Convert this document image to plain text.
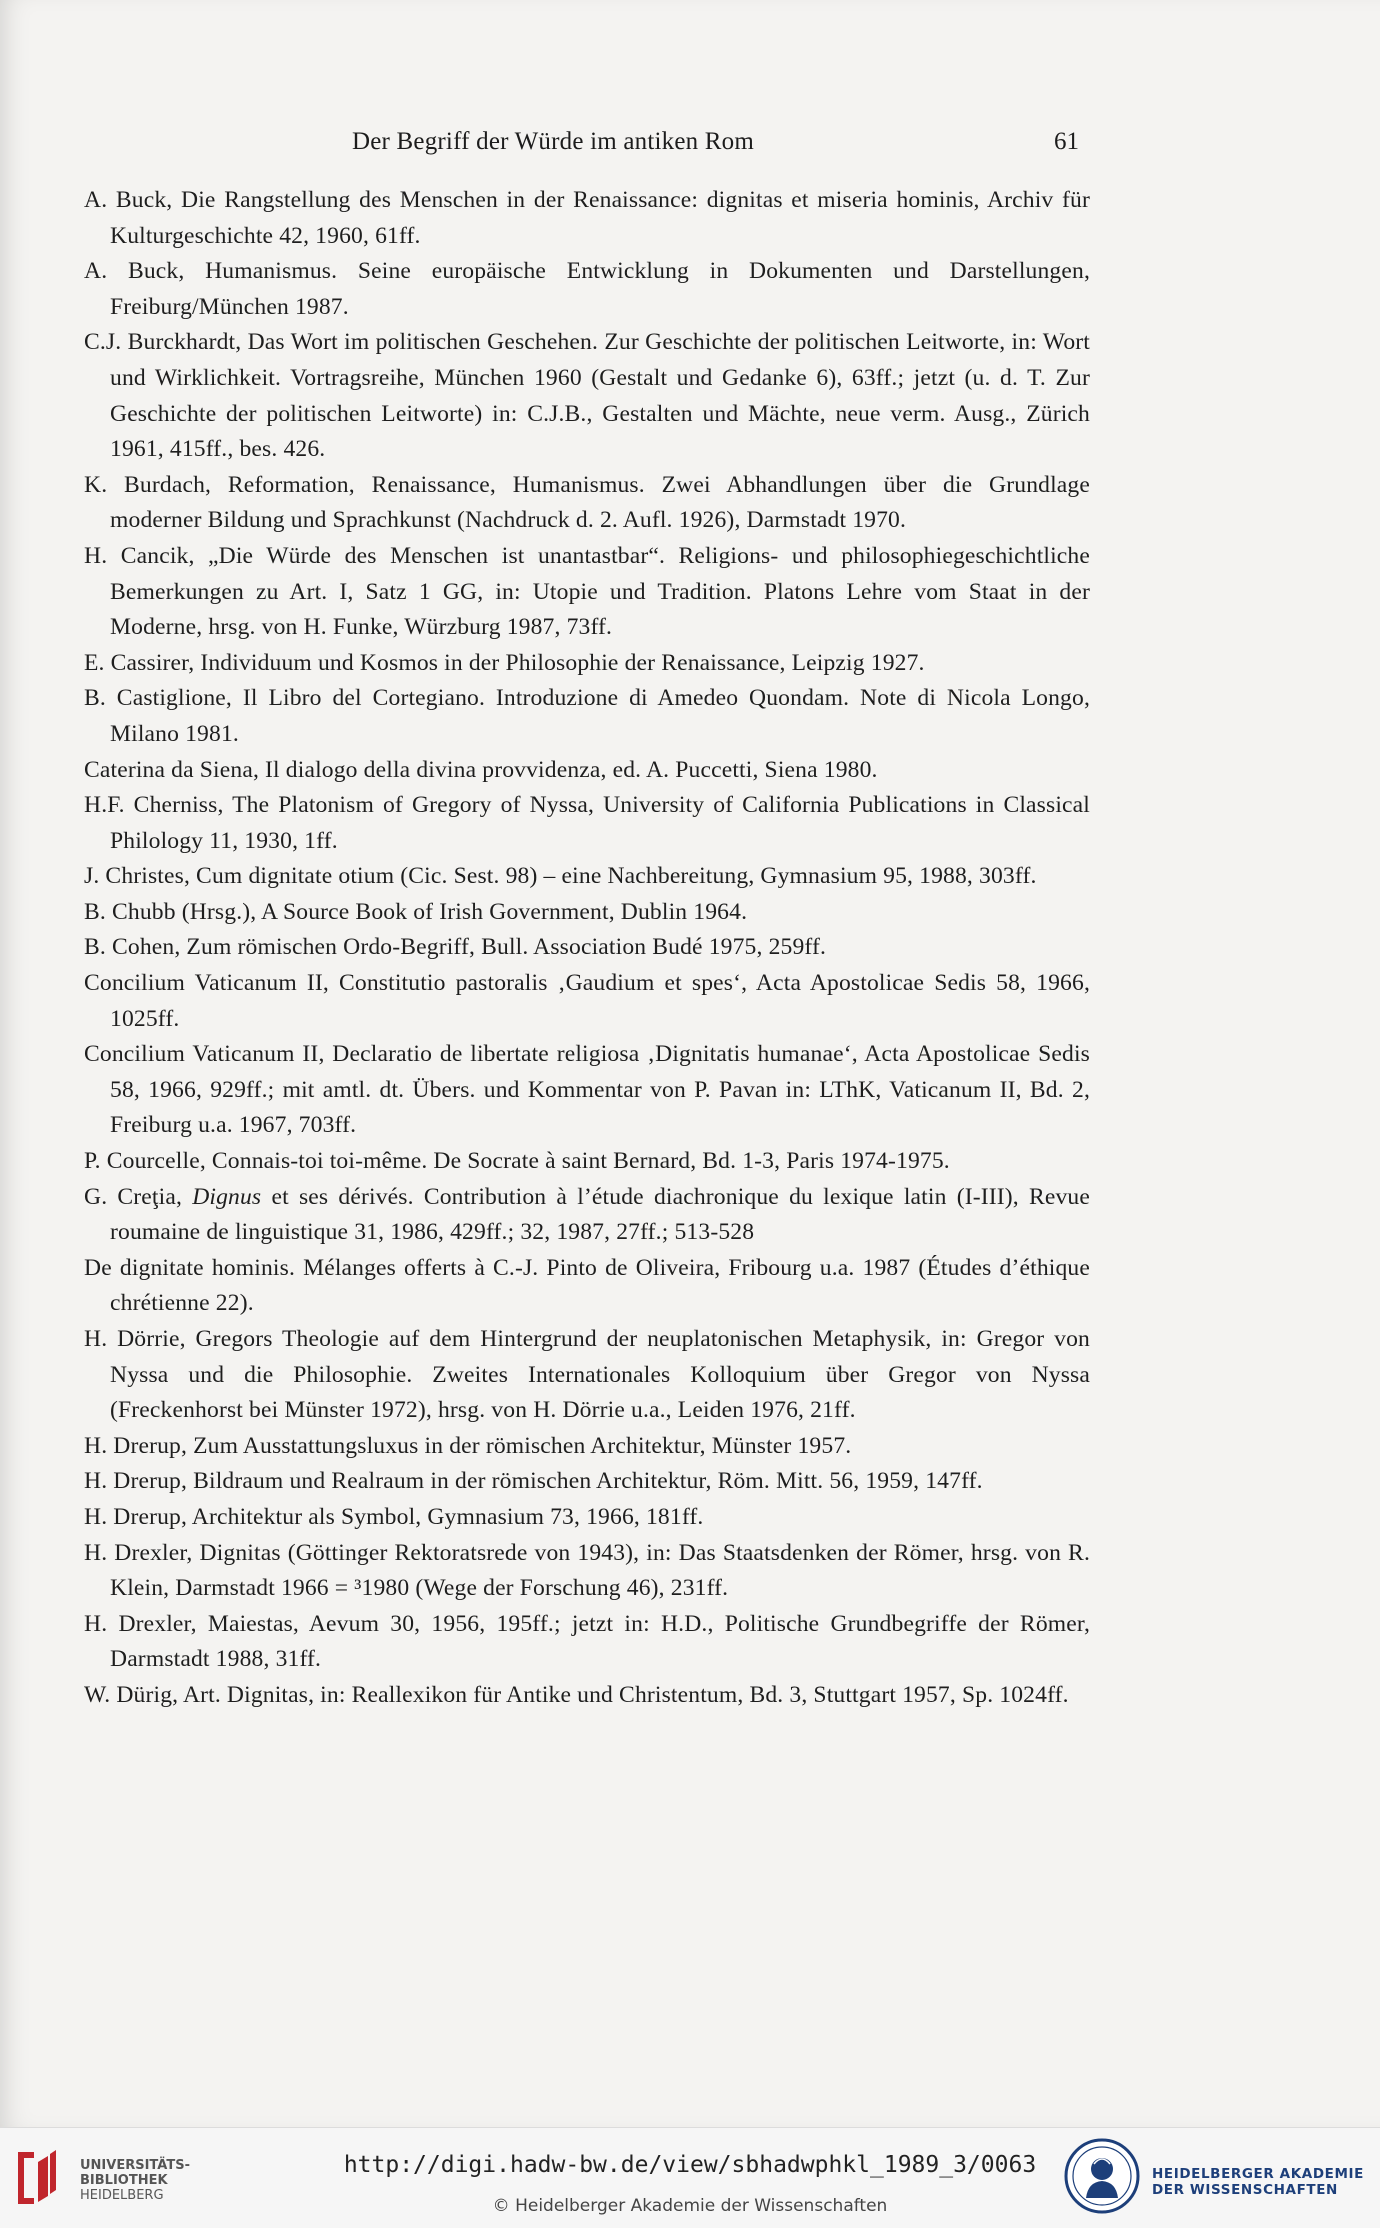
Der Begriff der Würde im antiken Rom	61
A. Buck, Die Rangstellung des Menschen in der Renaissance: dignitas et miseria hominis, Archiv für Kulturgeschichte 42, 1960, 61ff.
A. Buck, Humanismus. Seine europäische Entwicklung in Dokumenten und Darstellungen, Freiburg/München 1987.
C.J. Burckhardt, Das Wort im politischen Geschehen. Zur Geschichte der politischen Leitworte, in: Wort und Wirklichkeit. Vortragsreihe, München 1960 (Gestalt und Gedanke 6), 63ff.; jetzt (u. d. T. Zur Geschichte der politischen Leitworte) in: C.J.B., Gestalten und Mächte, neue verm. Ausg., Zürich 1961, 415ff., bes. 426.
K. Burdach, Reformation, Renaissance, Humanismus. Zwei Abhandlungen über die Grundlage moderner Bildung und Sprachkunst (Nachdruck d. 2. Aufl. 1926), Darmstadt 1970.
H. Cancik, „Die Würde des Menschen ist unantastbar“. Religions- und philosophiegeschichtliche Bemerkungen zu Art. I, Satz 1 GG, in: Utopie und Tradition. Platons Lehre vom Staat in der Moderne, hrsg. von H. Funke, Würzburg 1987, 73ff.
E. Cassirer, Individuum und Kosmos in der Philosophie der Renaissance, Leipzig 1927.
B. Castiglione, Il Libro del Cortegiano. Introduzione di Amedeo Quondam. Note di Nicola Longo, Milano 1981.
Caterina da Siena, Il dialogo della divina provvidenza, ed. A. Puccetti, Siena 1980.
H.F. Cherniss, The Platonism of Gregory of Nyssa, University of California Publications in Classical Philology 11, 1930, 1ff.
J. Christes, Cum dignitate otium (Cic. Sest. 98) – eine Nachbereitung, Gymnasium 95, 1988, 303ff.
B. Chubb (Hrsg.), A Source Book of Irish Government, Dublin 1964.
B. Cohen, Zum römischen Ordo-Begriff, Bull. Association Budé 1975, 259ff.
Concilium Vaticanum II, Constitutio pastoralis ‚Gaudium et spes‘, Acta Apostolicae Sedis 58, 1966, 1025ff.
Concilium Vaticanum II, Declaratio de libertate religiosa ‚Dignitatis humanae‘, Acta Apostolicae Sedis 58, 1966, 929ff.; mit amtl. dt. Übers. und Kommentar von P. Pavan in: LThK, Vaticanum II, Bd. 2, Freiburg u.a. 1967, 703ff.
P. Courcelle, Connais-toi toi-même. De Socrate à saint Bernard, Bd. 1-3, Paris 1974-1975.
G. Creţia, Dignus et ses dérivés. Contribution à l’étude diachronique du lexique latin (I-III), Revue roumaine de linguistique 31, 1986, 429ff.; 32, 1987, 27ff.; 513-528
De dignitate hominis. Mélanges offerts à C.-J. Pinto de Oliveira, Fribourg u.a. 1987 (Études d’éthique chrétienne 22).
H. Dörrie, Gregors Theologie auf dem Hintergrund der neuplatonischen Metaphysik, in: Gregor von Nyssa und die Philosophie. Zweites Internationales Kolloquium über Gregor von Nyssa (Freckenhorst bei Münster 1972), hrsg. von H. Dörrie u.a., Leiden 1976, 21ff.
H. Drerup, Zum Ausstattungsluxus in der römischen Architektur, Münster 1957.
H. Drerup, Bildraum und Realraum in der römischen Architektur, Röm. Mitt. 56, 1959, 147ff.
H. Drerup, Architektur als Symbol, Gymnasium 73, 1966, 181ff.
H. Drexler, Dignitas (Göttinger Rektoratsrede von 1943), in: Das Staatsdenken der Römer, hrsg. von R. Klein, Darmstadt 1966 = ³1980 (Wege der Forschung 46), 231ff.
H. Drexler, Maiestas, Aevum 30, 1956, 195ff.; jetzt in: H.D., Politische Grundbegriffe der Römer, Darmstadt 1988, 31ff.
W. Dürig, Art. Dignitas, in: Reallexikon für Antike und Christentum, Bd. 3, Stuttgart 1957, Sp. 1024ff.
UNIVERSITÄTS-
BIBLIOTHEK
HEIDELBERG
http://digi.hadw-bw.de/view/sbhadwphkl_1989_3/0063
© Heidelberger Akademie der Wissenschaften
HEIDELBERGER AKADEMIE
DER WISSENSCHAFTEN
